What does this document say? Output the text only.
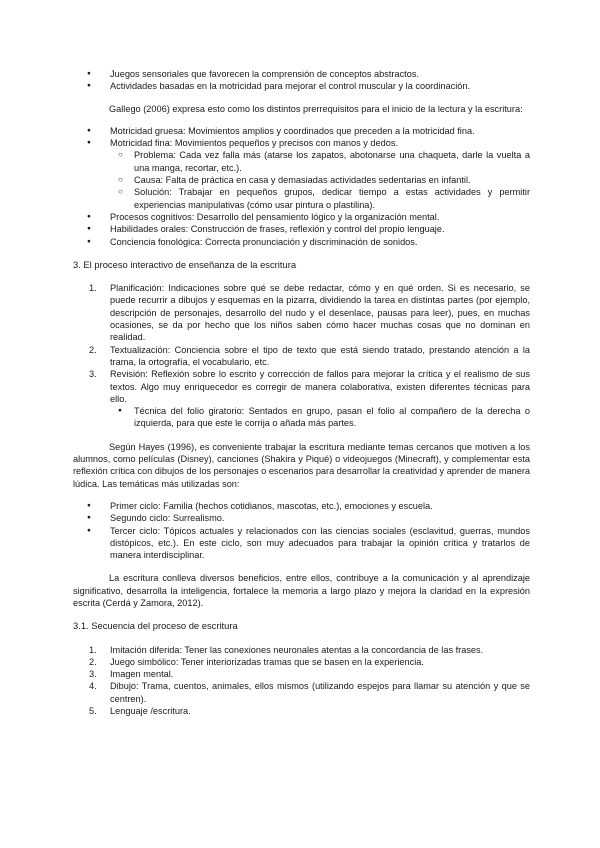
● Juegos sensoriales que favorecen la comprensión de conceptos abstractos.
● Actividades basadas en la motricidad para mejorar el control muscular y la coordinación.

Gallego (2006) expresa esto como los distintos prerrequisitos para el inicio de la lectura y la escritura:

● Motricidad gruesa: Movimientos amplios y coordinados que preceden a la motricidad fina.
● Motricidad fina: Movimientos pequeños y precisos con manos y dedos.
○ Problema: Cada vez falla más (atarse los zapatos, abotonarse una chaqueta, darle la vuelta a una manga, recortar, etc.).
○ Causa: Falta de práctica en casa y demasiadas actividades sedentarias en infantil.
○ Solución: Trabajar en pequeños grupos, dedicar tiempo a estas actividades y permitir experiencias manipulativas (cómo usar pintura o plastilina).
● Procesos cognitivos: Desarrollo del pensamiento lógico y la organización mental.
● Habilidades orales: Construcción de frases, reflexión y control del propio lenguaje.
● Conciencia fonológica: Correcta pronunciación y discriminación de sonidos.
3. El proceso interactivo de enseñanza de la escritura
1. Planificación: Indicaciones sobre qué se debe redactar, cómo y en qué orden. Si es necesario, se puede recurrir a dibujos y esquemas en la pizarra, dividiendo la tarea en distintas partes (por ejemplo, descripción de personajes, desarrollo del nudo y el desenlace, pausas para leer), pues, en muchas ocasiones, se da por hecho que los niños saben cómo hacer muchas cosas que no dominan en realidad.
2. Textualización: Conciencia sobre el tipo de texto que está siendo tratado, prestando atención a la trama, la ortografía, el vocabulario, etc.
3. Revisión: Reflexión sobre lo escrito y corrección de fallos para mejorar la crítica y el realismo de sus textos. Algo muy enriquecedor es corregir de manera colaborativa, existen diferentes técnicas para ello.
● Técnica del folio giratorio: Sentados en grupo, pasan el folio al compañero de la derecha o izquierda, para que este le corrija o añada más partes.

Según Hayes (1996), es conveniente trabajar la escritura mediante temas cercanos que motiven a los alumnos, como películas (Disney), canciones (Shakira y Piqué) o videojuegos (Minecraft), y complementar esta reflexión crítica con dibujos de los personajes o escenarios para desarrollar la creatividad y aprender de manera lúdica. Las temáticas más utilizadas son:

● Primer ciclo: Familia (hechos cotidianos, mascotas, etc.), emociones y escuela.
● Segundo ciclo: Surrealismo.
● Tercer ciclo: Tópicos actuales y relacionados con las ciencias sociales (esclavitud, guerras, mundos distópicos, etc.). En este ciclo, son muy adecuados para trabajar la opinión crítica y tratarlos de manera interdisciplinar.

La escritura conlleva diversos beneficios, entre ellos, contribuye a la comunicación y al aprendizaje significativo, desarrolla la inteligencia, fortalece la memoria a largo plazo y mejora la claridad en la expresión escrita (Cerdá y Zamora, 2012).

3.1. Secuencia del proceso de escritura
1. Imitación diferida: Tener las conexiones neuronales atentas a la concordancia de las frases.
2. Juego simbólico: Tener interiorizadas tramas que se basen en la experiencia.
3. Imagen mental.
4. Dibujo: Trama, cuentos, animales, ellos mismos (utilizando espejos para llamar su atención y que se centren).
5. Lenguaje /escritura.
